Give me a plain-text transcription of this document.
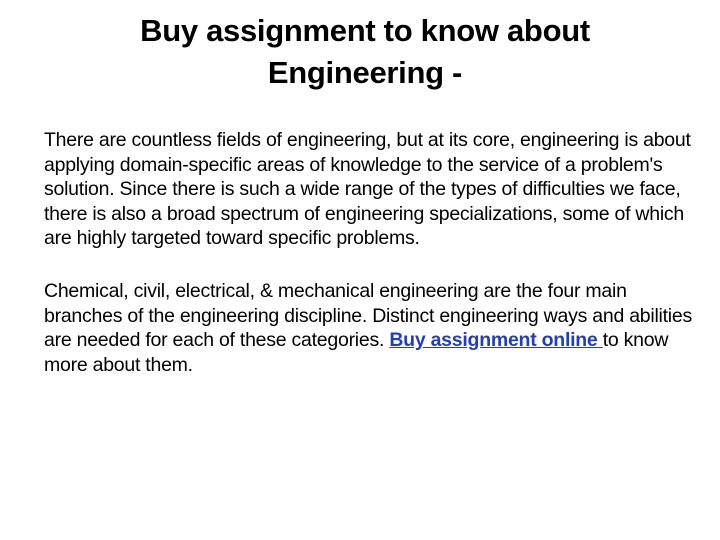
Buy assignment to know about
Engineering -

There are countless fields of engineering, but at its core, engineering is about applying domain-specific areas of knowledge to the service of a problem's solution. Since there is such a wide range of the types of difficulties we face, there is also a broad spectrum of engineering specializations, some of which are highly targeted toward specific problems.

Chemical, civil, electrical, & mechanical engineering are the four main branches of the engineering discipline. Distinct engineering ways and abilities are needed for each of these categories. Buy assignment online to know more about them.
